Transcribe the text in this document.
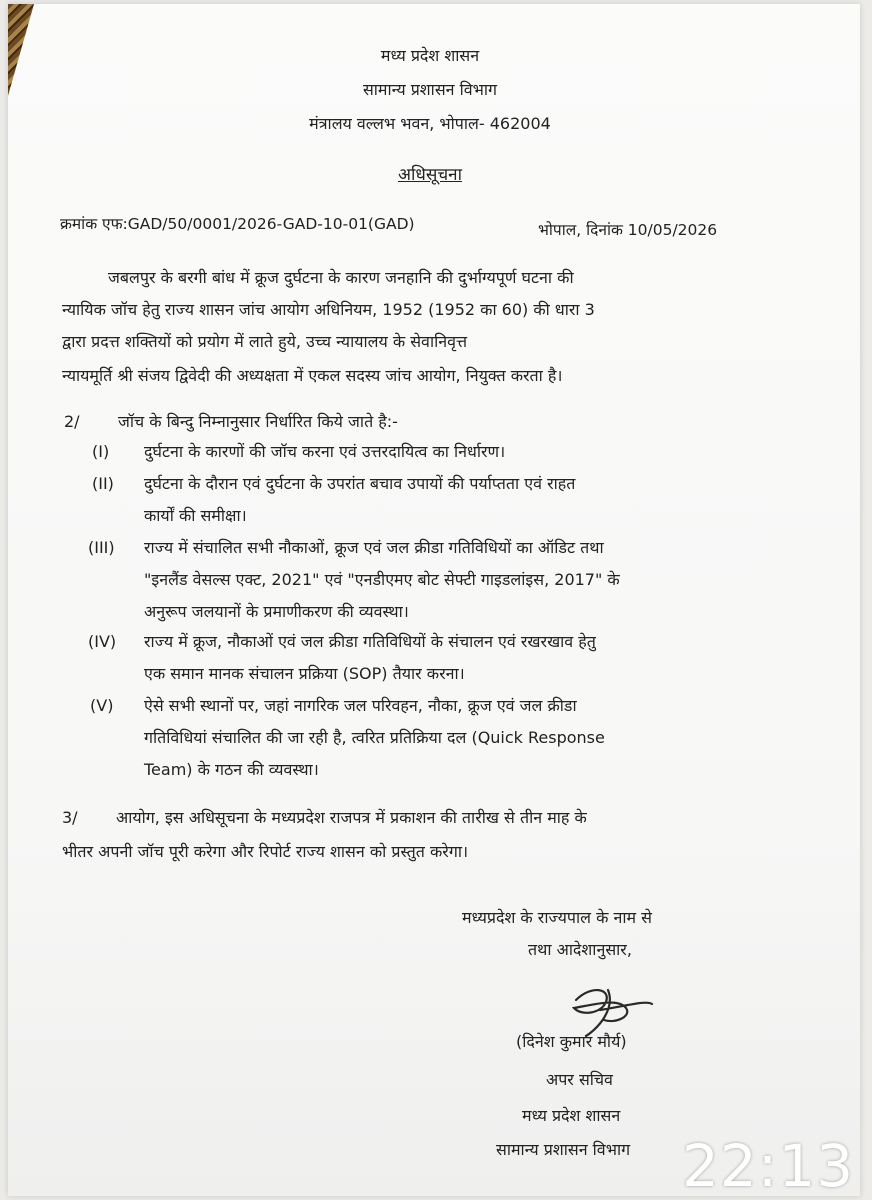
मध्य प्रदेश शासन
सामान्य प्रशासन विभाग
मंत्रालय वल्लभ भवन, भोपाल- 462004
अधिसूचना
क्रमांक एफ:GAD/50/0001/2026-GAD-10-01(GAD)	भोपाल, दिनांक 10/05/2026
जबलपुर के बरगी बांध में क्रूज दुर्घटना के कारण जनहानि की दुर्भाग्यपूर्ण घटना की
न्यायिक जॉच हेतु राज्य शासन जांच आयोग अधिनियम, 1952 (1952 का 60) की धारा 3
द्वारा प्रदत्त शक्तियों को प्रयोग में लाते हुये, उच्च न्यायालय के सेवानिवृत्त
न्यायमूर्ति श्री संजय द्विवेदी की अध्यक्षता में एकल सदस्य जांच आयोग, नियुक्त करता है।
2/ जॉच के बिन्दु निम्नानुसार निर्धारित किये जाते है:-
(I) दुर्घटना के कारणों की जॉच करना एवं उत्तरदायित्व का निर्धारण।
(II) दुर्घटना के दौरान एवं दुर्घटना के उपरांत बचाव उपायों की पर्याप्तता एवं राहत
कार्यों की समीक्षा।
(III) राज्य में संचालित सभी नौकाओं, क्रूज एवं जल क्रीडा गतिविधियों का ऑडिट तथा
"इनलैंड वेसल्स एक्ट, 2021" एवं "एनडीएमए बोट सेफ्टी गाइडलांइस, 2017" के
अनुरूप जलयानों के प्रमाणीकरण की व्यवस्था।
(IV) राज्य में क्रूज, नौकाओं एवं जल क्रीडा गतिविधियों के संचालन एवं रखरखाव हेतु
एक समान मानक संचालन प्रक्रिया (SOP) तैयार करना।
(V) ऐसे सभी स्थानों पर, जहां नागरिक जल परिवहन, नौका, क्रूज एवं जल क्रीडा
गतिविधियां संचालित की जा रही है, त्वरित प्रतिक्रिया दल (Quick Response
Team) के गठन की व्यवस्था।
3/ आयोग, इस अधिसूचना के मध्यप्रदेश राजपत्र में प्रकाशन की तारीख से तीन माह के
भीतर अपनी जॉच पूरी करेगा और रिपोर्ट राज्य शासन को प्रस्तुत करेगा।
मध्यप्रदेश के राज्यपाल के नाम से
तथा आदेशानुसार,
(दिनेश कुमार मौर्य)
अपर सचिव
मध्य प्रदेश शासन
सामान्य प्रशासन विभाग 22:13
